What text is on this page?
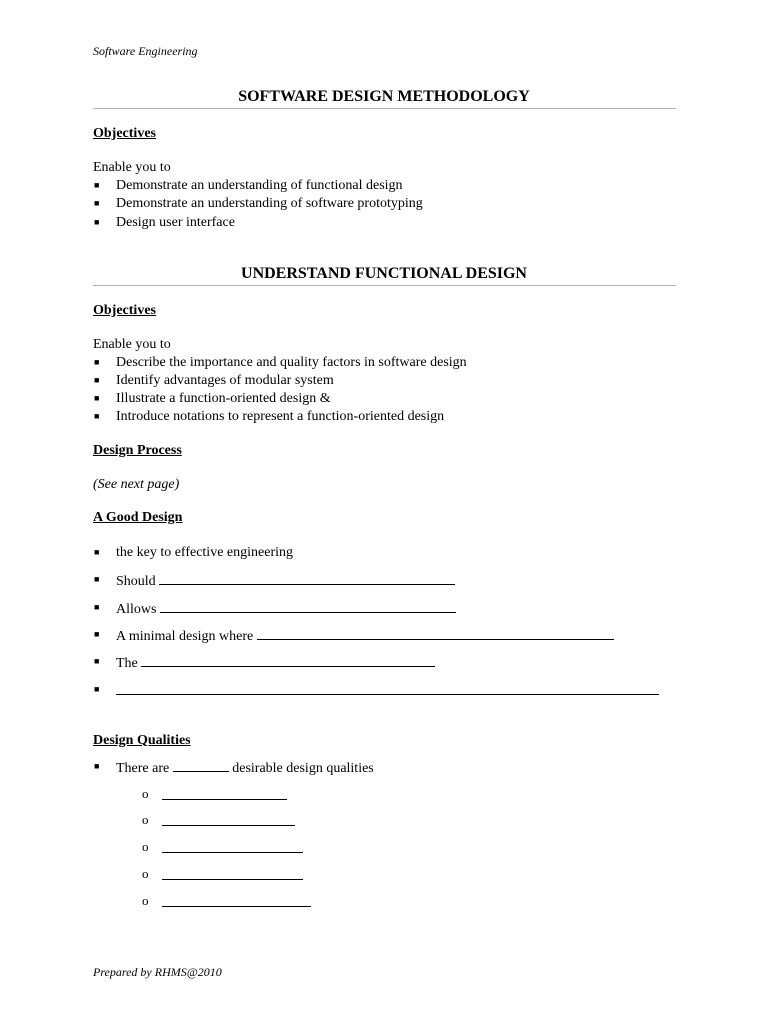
Software Engineering
SOFTWARE DESIGN METHODOLOGY
Objectives
Enable you to
■ Demonstrate an understanding of functional design
■ Demonstrate an understanding of software prototyping
■ Design user interface
UNDERSTAND FUNCTIONAL DESIGN
Objectives
Enable you to
■ Describe the importance and quality factors in software design
■ Identify advantages of modular system
■ Illustrate a function-oriented design &
■ Introduce notations to represent a function-oriented design
Design Process
(See next page)
A Good Design
■ the key to effective engineering
■ Should
■ Allows
■ A minimal design where
■ The
■
Design Qualities
■ There are	desirable design qualities
o
o
o
o
o
Prepared by RHMS@2010
